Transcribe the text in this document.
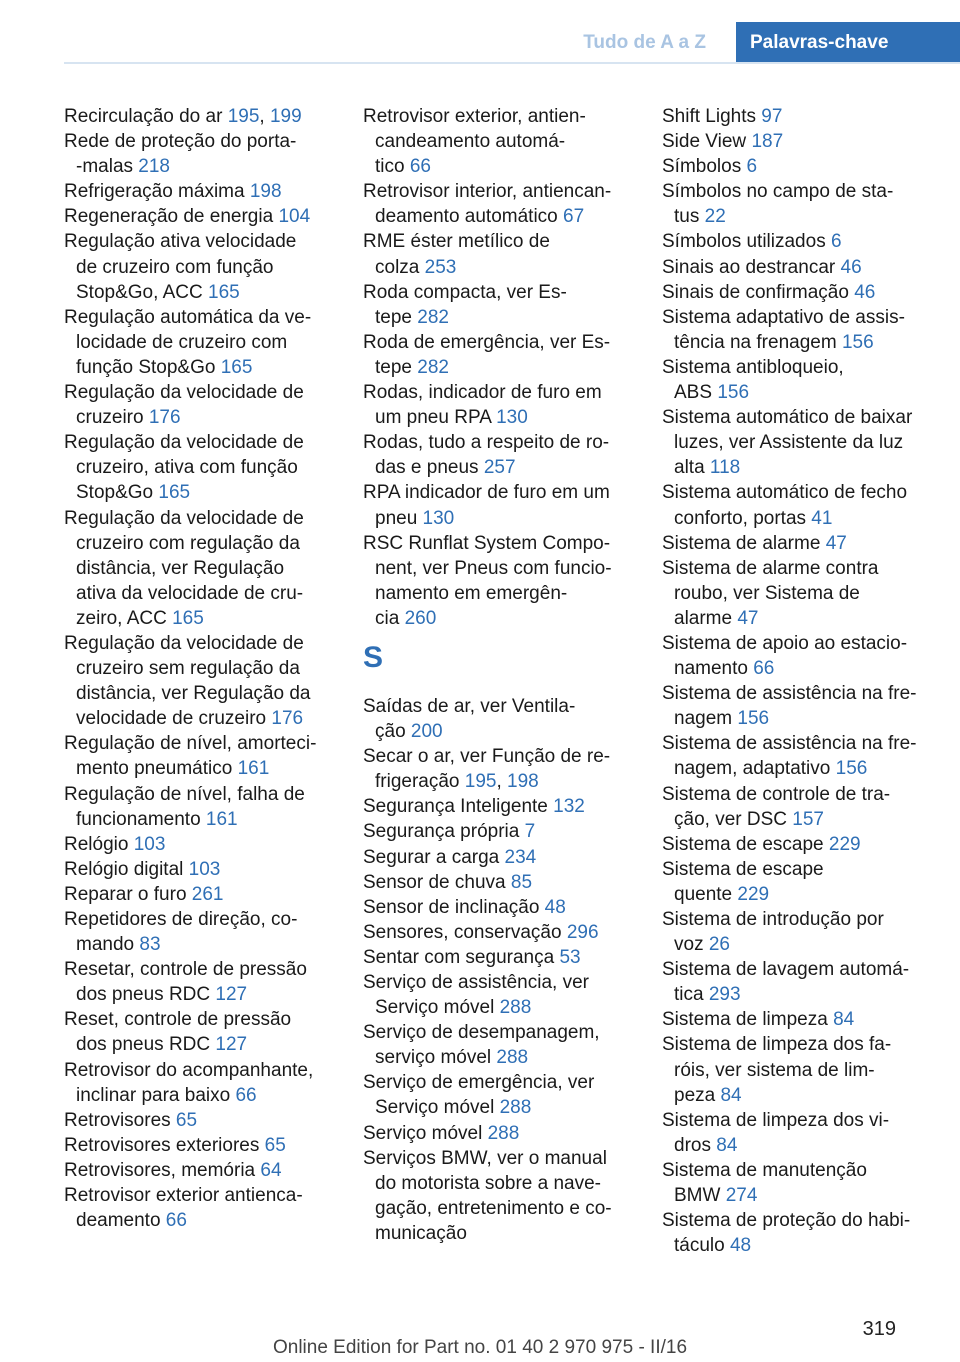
Tudo de A a Z	Palavras-chave

Recirculação do ar 195, 199

Rede de proteção do porta-
-malas 218

Refrigeração máxima 198

Regeneração de energia 104

Regulação ativa velocidade
de cruzeiro com função
Stop&Go, ACC 165

Regulação automática da ve-
locidade de cruzeiro com
função Stop&Go 165

Regulação da velocidade de
cruzeiro 176

Regulação da velocidade de
cruzeiro, ativa com função
Stop&Go 165

Regulação da velocidade de
cruzeiro com regulação da
distância, ver Regulação
ativa da velocidade de cru-
zeiro, ACC 165

Regulação da velocidade de
cruzeiro sem regulação da
distância, ver Regulação da
velocidade de cruzeiro 176

Regulação de nível, amorteci-
mento pneumático 161

Regulação de nível, falha de
funcionamento 161

Relógio 103

Relógio digital 103

Reparar o furo 261

Repetidores de direção, co-
mando 83

Resetar, controle de pressão
dos pneus RDC 127

Reset, controle de pressão
dos pneus RDC 127

Retrovisor do acompanhante,
inclinar para baixo 66

Retrovisores 65

Retrovisores exteriores 65

Retrovisores, memória 64

Retrovisor exterior antienca-
deamento 66

Retrovisor exterior, antien-
candeamento automá-
tico 66

Retrovisor interior, antiencan-
deamento automático 67

RME éster metílico de
colza 253

Roda compacta, ver Es-
tepe 282

Roda de emergência, ver Es-
tepe 282

Rodas, indicador de furo em
um pneu RPA 130

Rodas, tudo a respeito de ro-
das e pneus 257

RPA indicador de furo em um
pneu 130

RSC Runflat System Compo-
nent, ver Pneus com funcio-
namento em emergên-
cia 260

S

Saídas de ar, ver Ventila-
ção 200

Secar o ar, ver Função de re-
frigeração 195, 198

Segurança Inteligente 132

Segurança própria 7

Segurar a carga 234

Sensor de chuva 85

Sensor de inclinação 48

Sensores, conservação 296

Sentar com segurança 53

Serviço de assistência, ver
Serviço móvel 288

Serviço de desempanagem,
serviço móvel 288

Serviço de emergência, ver
Serviço móvel 288

Serviço móvel 288

Serviços BMW, ver o manual
do motorista sobre a nave-
gação, entretenimento e co-
municação

Shift Lights 97

Side View 187

Símbolos 6

Símbolos no campo de sta-
tus 22

Símbolos utilizados 6

Sinais ao destrancar 46

Sinais de confirmação 46

Sistema adaptativo de assis-
tência na frenagem 156

Sistema antibloqueio,
ABS 156

Sistema automático de baixar
luzes, ver Assistente da luz
alta 118

Sistema automático de fecho
conforto, portas 41

Sistema de alarme 47

Sistema de alarme contra
roubo, ver Sistema de
alarme 47

Sistema de apoio ao estacio-
namento 66

Sistema de assistência na fre-
nagem 156

Sistema de assistência na fre-
nagem, adaptativo 156

Sistema de controle de tra-
ção, ver DSC 157

Sistema de escape 229

Sistema de escape
quente 229

Sistema de introdução por
voz 26

Sistema de lavagem automá-
tica 293

Sistema de limpeza 84

Sistema de limpeza dos fa-
róis, ver sistema de lim-
peza 84

Sistema de limpeza dos vi-
dros 84

Sistema de manutenção
BMW 274

Sistema de proteção do habi-
táculo 48

319
Online Edition for Part no. 01 40 2 970 975 - II/16
